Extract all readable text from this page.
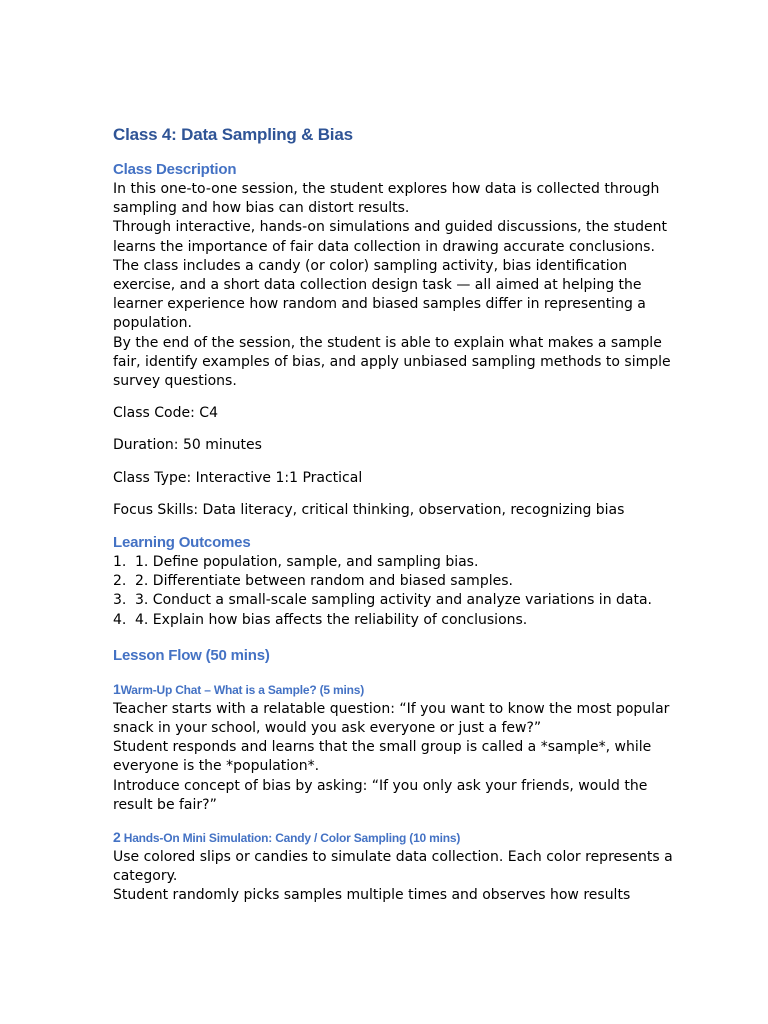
Class 4: Data Sampling & Bias
Class Description

In this one-to-one session, the student explores how data is collected through sampling and how bias can distort results.

Through interactive, hands-on simulations and guided discussions, the student learns the importance of fair data collection in drawing accurate conclusions.

The class includes a candy (or color) sampling activity, bias identification exercise, and a short data collection design task — all aimed at helping the learner experience how random and biased samples differ in representing a population.

By the end of the session, the student is able to explain what makes a sample fair, identify examples of bias, and apply unbiased sampling methods to simple survey questions.

Class Code: C4

Duration: 50 minutes

Class Type: Interactive 1:1 Practical

Focus Skills: Data literacy, critical thinking, observation, recognizing bias

Learning Outcomes
1. 1. Define population, sample, and sampling bias.
2. 2. Differentiate between random and biased samples.
3. 3. Conduct a small-scale sampling activity and analyze variations in data.
4. 4. Explain how bias affects the reliability of conclusions.
Lesson Flow (50 mins)
1Warm-Up Chat – What is a Sample? (5 mins)

Teacher starts with a relatable question: “If you want to know the most popular snack in your school, would you ask everyone or just a few?”

Student responds and learns that the small group is called a *sample*, while everyone is the *population*.

Introduce concept of bias by asking: “If you only ask your friends, would the result be fair?”

2 Hands-On Mini Simulation: Candy / Color Sampling (10 mins)

Use colored slips or candies to simulate data collection. Each color represents a category.

Student randomly picks samples multiple times and observes how results
